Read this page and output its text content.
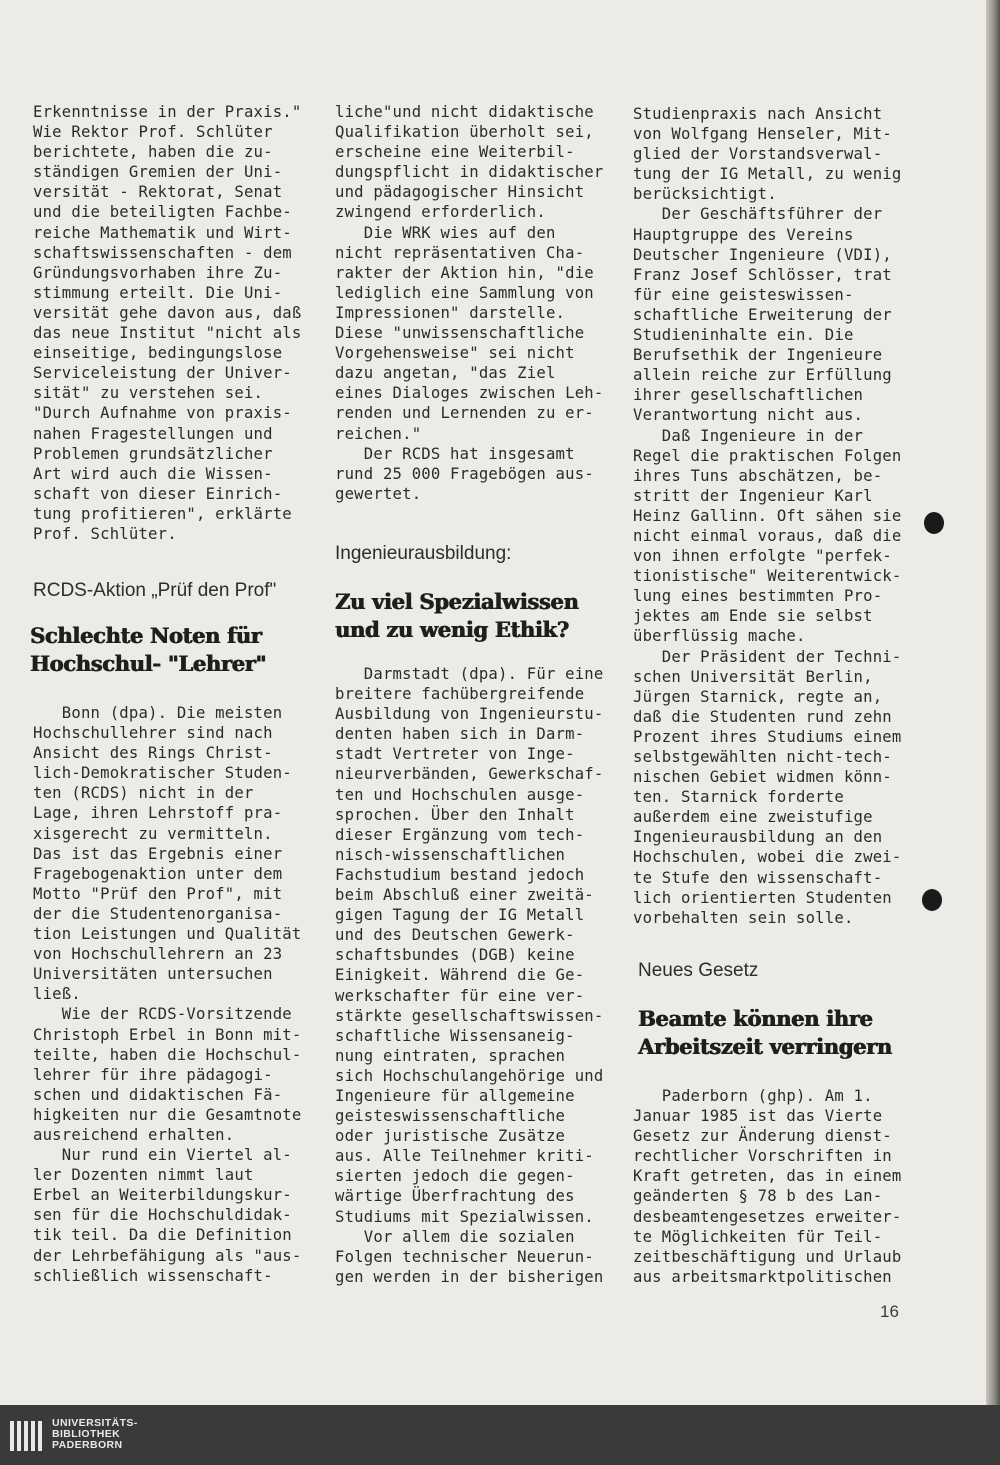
Erkenntnisse in der Praxis."

Wie Rektor Prof. Schlüter

berichtete, haben die zu-

ständigen Gremien der Uni-

versität - Rektorat, Senat

und die beteiligten Fachbe-

reiche Mathematik und Wirt-

schaftswissenschaften - dem

Gründungsvorhaben ihre Zu-

stimmung erteilt. Die Uni-

versität gehe davon aus, daß

das neue Institut "nicht als

einseitige, bedingungslose

Serviceleistung der Univer-

sität" zu verstehen sei.

"Durch Aufnahme von praxis-

nahen Fragestellungen und

Problemen grundsätzlicher

Art wird auch die Wissen-

schaft von dieser Einrich-

tung profitieren", erklärte

Prof. Schlüter.

RCDS-Aktion „Prüf den Prof"
Schlechte Noten für
Hochschul- "Lehrer"

Bonn (dpa). Die meisten

Hochschullehrer sind nach

Ansicht des Rings Christ-

lich-Demokratischer Studen-

ten (RCDS) nicht in der

Lage, ihren Lehrstoff pra-

xisgerecht zu vermitteln.

Das ist das Ergebnis einer

Fragebogenaktion unter dem

Motto "Prüf den Prof", mit

der die Studentenorganisa-

tion Leistungen und Qualität

von Hochschullehrern an 23

Universitäten untersuchen

ließ.

Wie der RCDS-Vorsitzende

Christoph Erbel in Bonn mit-

teilte, haben die Hochschul-

lehrer für ihre pädagogi-

schen und didaktischen Fä-

higkeiten nur die Gesamtnote

ausreichend erhalten.

Nur rund ein Viertel al-

ler Dozenten nimmt laut

Erbel an Weiterbildungskur-

sen für die Hochschuldidak-

tik teil. Da die Definition

der Lehrbefähigung als "aus-

schließlich wissenschaft-

liche"und nicht didaktische

Qualifikation überholt sei,

erscheine eine Weiterbil-

dungspflicht in didaktischer

und pädagogischer Hinsicht

zwingend erforderlich.

Die WRK wies auf den

nicht repräsentativen Cha-

rakter der Aktion hin, "die

lediglich eine Sammlung von

Impressionen" darstelle.

Diese "unwissenschaftliche

Vorgehensweise" sei nicht

dazu angetan, "das Ziel

eines Dialoges zwischen Leh-

renden und Lernenden zu er-

reichen."

Der RCDS hat insgesamt

rund 25 000 Fragebögen aus-

gewertet.

Ingenieurausbildung:
Zu viel Spezialwissen
und zu wenig Ethik?

Darmstadt (dpa). Für eine

breitere fachübergreifende

Ausbildung von Ingenieurstu-

denten haben sich in Darm-

stadt Vertreter von Inge-

nieurverbänden, Gewerkschaf-

ten und Hochschulen ausge-

sprochen. Über den Inhalt

dieser Ergänzung vom tech-

nisch-wissenschaftlichen

Fachstudium bestand jedoch

beim Abschluß einer zweitä-

gigen Tagung der IG Metall

und des Deutschen Gewerk-

schaftsbundes (DGB) keine

Einigkeit. Während die Ge-

werkschafter für eine ver-

stärkte gesellschaftswissen-

schaftliche Wissensaneig-

nung eintraten, sprachen

sich Hochschulangehörige und

Ingenieure für allgemeine

geisteswissenschaftliche

oder juristische Zusätze

aus. Alle Teilnehmer kriti-

sierten jedoch die gegen-

wärtige Überfrachtung des

Studiums mit Spezialwissen.

Vor allem die sozialen

Folgen technischer Neuerun-

gen werden in der bisherigen

Studienpraxis nach Ansicht

von Wolfgang Henseler, Mit-

glied der Vorstandsverwal-

tung der IG Metall, zu wenig

berücksichtigt.

Der Geschäftsführer der

Hauptgruppe des Vereins

Deutscher Ingenieure (VDI),

Franz Josef Schlösser, trat

für eine geisteswissen-

schaftliche Erweiterung der

Studieninhalte ein. Die

Berufsethik der Ingenieure

allein reiche zur Erfüllung

ihrer gesellschaftlichen

Verantwortung nicht aus.

Daß Ingenieure in der

Regel die praktischen Folgen

ihres Tuns abschätzen, be-

stritt der Ingenieur Karl

Heinz Gallinn. Oft sähen sie

nicht einmal voraus, daß die

von ihnen erfolgte "perfek-

tionistische" Weiterentwick-

lung eines bestimmten Pro-

jektes am Ende sie selbst

überflüssig mache.

Der Präsident der Techni-

schen Universität Berlin,

Jürgen Starnick, regte an,

daß die Studenten rund zehn

Prozent ihres Studiums einem

selbstgewählten nicht-tech-

nischen Gebiet widmen könn-

ten. Starnick forderte

außerdem eine zweistufige

Ingenieurausbildung an den

Hochschulen, wobei die zwei-

te Stufe den wissenschaft-

lich orientierten Studenten

vorbehalten sein solle.

Neues Gesetz
Beamte können ihre
Arbeitszeit verringern

Paderborn (ghp). Am 1.

Januar 1985 ist das Vierte

Gesetz zur Änderung dienst-

rechtlicher Vorschriften in

Kraft getreten, das in einem

geänderten § 78 b des Lan-

desbeamtengesetzes erweiter-

te Möglichkeiten für Teil-

zeitbeschäftigung und Urlaub

aus arbeitsmarktpolitischen

16
UNIVERSITÄTS-
BIBLIOTHEK
PADERBORN
